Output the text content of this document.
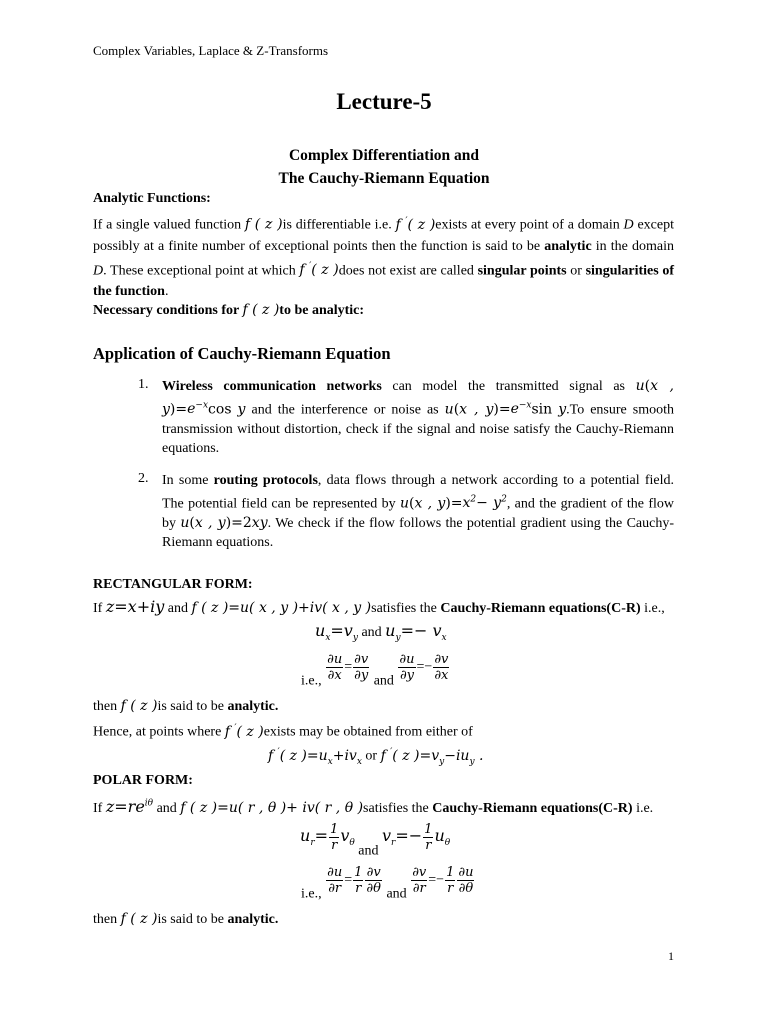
Complex Variables, Laplace & Z-Transforms
Lecture-5
Complex Differentiation and
The Cauchy-Riemann Equation
Analytic Functions:
If a single valued function f ( z )is differentiable i.e. f ′( z )exists at every point of a domain D except possibly at a finite number of exceptional points then the function is said to be analytic in the domain D. These exceptional point at which f ′( z )does not exist are called singular points or singularities of the function.
Necessary conditions for f ( z )to be analytic:
Application of Cauchy-Riemann Equation
1. Wireless communication networks can model the transmitted signal as u(x , $y)=e^{-x}\cos$ y and the interference or noise as u(x , $y)=e^{-x}\sin$ y.To ensure smooth transmission without distortion, check if the signal and noise satisfy the Cauchy-Riemann equations.
2. In some routing protocols, data flows through a network according to a potential field. The potential field can be represented by u(x , $y)=x^2- y^2$, and the gradient of the flow by u(x , y)=2xy. We check if the flow follows the potential gradient using the Cauchy-Riemann equations.
RECTANGULAR FORM:
If z=x+iy and f ( z )=u( x , y )+iv( x , y )satisfies the Cauchy-Riemann equations(C-R) i.e.,
$u_x=v_y$ and $u_y=- v_x$
i.e., $\frac{\partial u}{\partial x} = \frac{\partial v}{\partial y}$ and $\frac{\partial u}{\partial y} =- \frac{\partial v}{\partial x}$
then f ( z )is said to be analytic.
Hence, at points where f ′( z )exists may be obtained from either of
f ′( z )$=u_x+iv_x$ or f ′( z )$=v_y-iu_y$ .
POLAR FORM:
If $z=re^{i\theta}$ and f ( z )=u( r , θ )+ iv( r , θ )satisfies the Cauchy-Riemann equations(C-R) i.e.
$u_r= \frac{1}{r} v_\theta$ and $v_r=- \frac{1}{r} u_\theta$
i.e., $\frac{\partial u}{\partial r} = \frac{1}{r} \frac{\partial v}{\partial\theta}$ and $\frac{\partial v}{\partial r} =- \frac{1}{r} \frac{\partial u}{\partial\theta}$
then f ( z )is said to be analytic.
1
